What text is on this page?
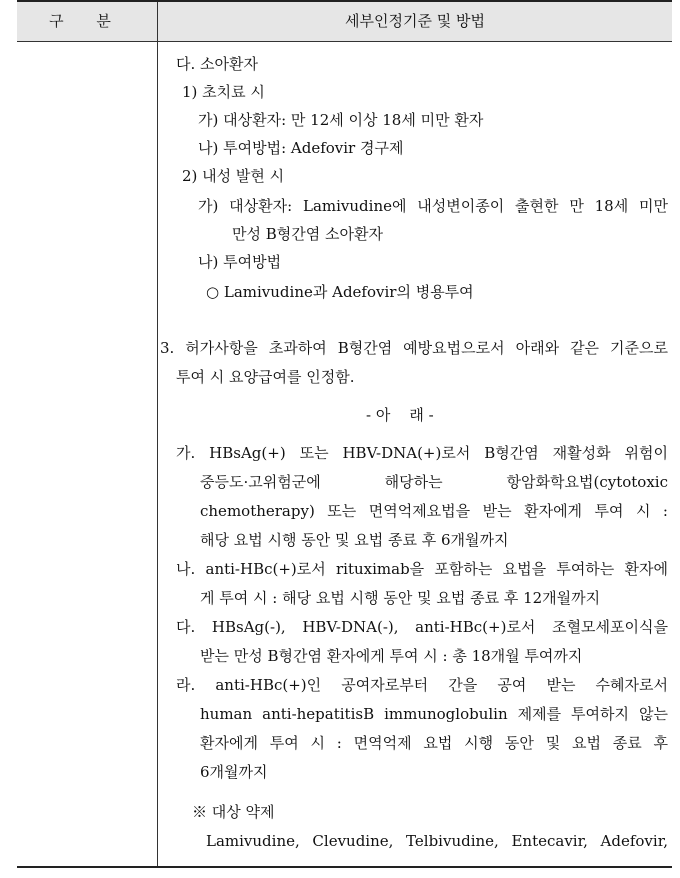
구 분	세부인정기준 및 방법
다. 소아환자
1) 초치료 시
가) 대상환자: 만 12세 이상 18세 미만 환자
나) 투여방법: Adefovir 경구제
2) 내성 발현 시
가) 대상환자: Lamivudine에 내성변이종이 출현한 만 18세 미만
만성 B형간염 소아환자
나) 투여방법
○ Lamivudine과 Adefovir의 병용투여
3. 허가사항을 초과하여 B형간염 예방요법으로서 아래와 같은 기준으로
투여 시 요양급여를 인정함.
- 아    래 -
가. HBsAg(+) 또는 HBV-DNA(+)로서 B형간염 재활성화 위험이
중등도·고위험군에 해당하는 항암화학요법(cytotoxic
chemotherapy) 또는 면역억제요법을 받는 환자에게 투여 시 :
해당 요법 시행 동안 및 요법 종료 후 6개월까지
나. anti-HBc(+)로서 rituximab을 포함하는 요법을 투여하는 환자에
게 투여 시 : 해당 요법 시행 동안 및 요법 종료 후 12개월까지
다. HBsAg(-), HBV-DNA(-), anti-HBc(+)로서 조혈모세포이식을
받는 만성 B형간염 환자에게 투여 시 : 총 18개월 투여까지
라. anti-HBc(+)인 공여자로부터 간을 공여 받는 수혜자로서
human anti-hepatitisB immunoglobulin 제제를 투여하지 않는
환자에게 투여 시 : 면역억제 요법 시행 동안 및 요법 종료 후
6개월까지
※ 대상 약제
Lamivudine, Clevudine, Telbivudine, Entecavir, Adefovir,
